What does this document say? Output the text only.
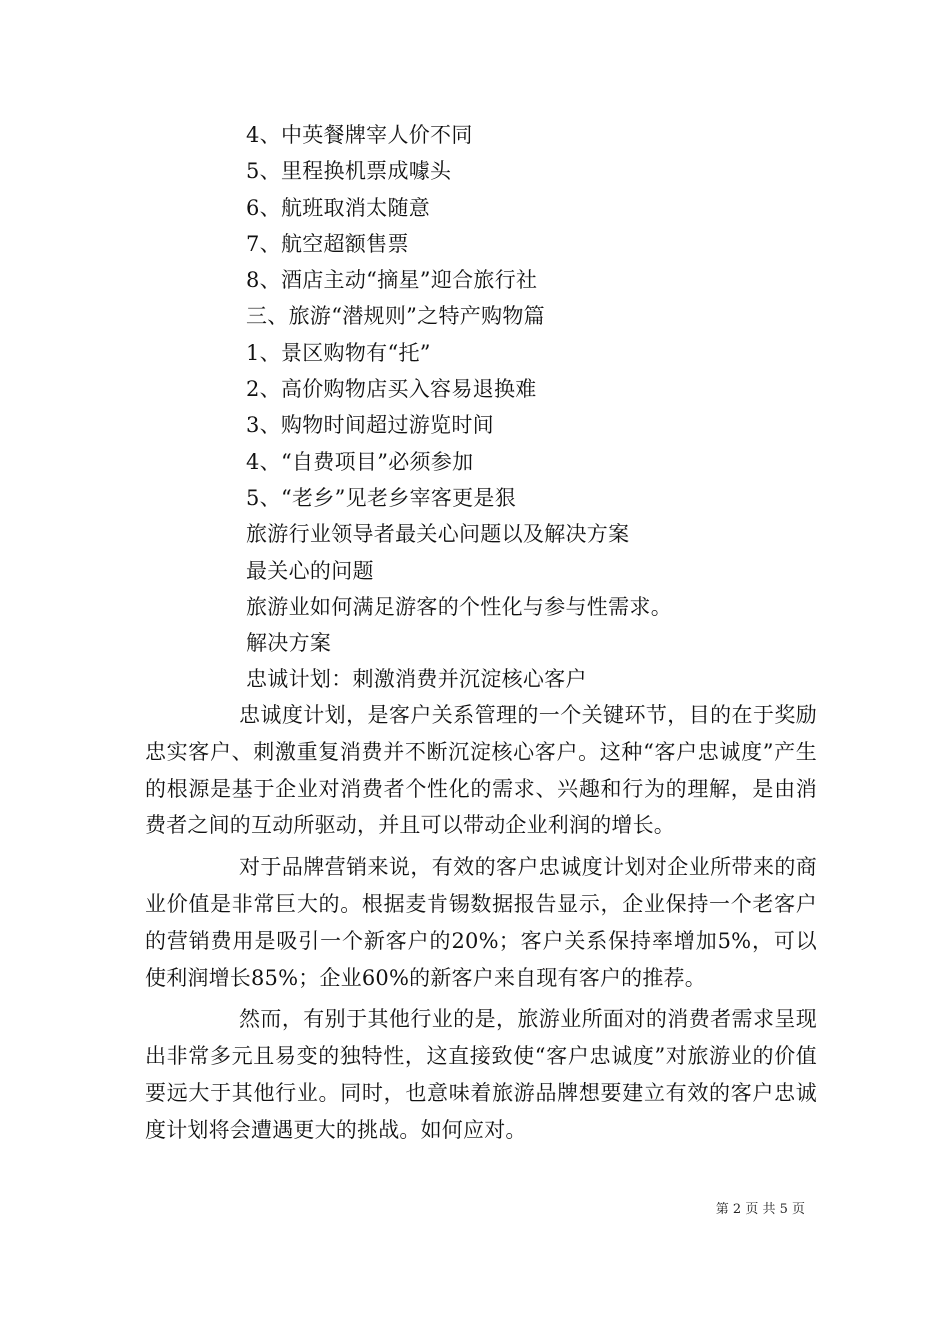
4、中英餐牌宰人价不同
5、里程换机票成噱头
6、航班取消太随意
7、航空超额售票
8、酒店主动“摘星”迎合旅行社
三、旅游“潜规则”之特产购物篇
1、景区购物有“托”
2、高价购物店买入容易退换难
3、购物时间超过游览时间
4、“自费项目”必须参加
5、“老乡”见老乡宰客更是狠
旅游行业领导者最关心问题以及解决方案
最关心的问题
旅游业如何满足游客的个性化与参与性需求。
解决方案
忠诚计划：刺激消费并沉淀核心客户

忠诚度计划，是客户关系管理的一个关键环节，目的在于奖励忠实客户、刺激重复消费并不断沉淀核心客户。这种“客户忠诚度”产生的根源是基于企业对消费者个性化的需求、兴趣和行为的理解，是由消费者之间的互动所驱动，并且可以带动企业利润的增长。

对于品牌营销来说，有效的客户忠诚度计划对企业所带来的商业价值是非常巨大的。根据麦肯锡数据报告显示，企业保持一个老客户的营销费用是吸引一个新客户的20%；客户关系保持率增加5%，可以使利润增长85%；企业60%的新客户来自现有客户的推荐。

然而，有别于其他行业的是，旅游业所面对的消费者需求呈现出非常多元且易变的独特性，这直接致使“客户忠诚度”对旅游业的价值要远大于其他行业。同时，也意味着旅游品牌想要建立有效的客户忠诚度计划将会遭遇更大的挑战。如何应对。

第 2 页 共 5 页
